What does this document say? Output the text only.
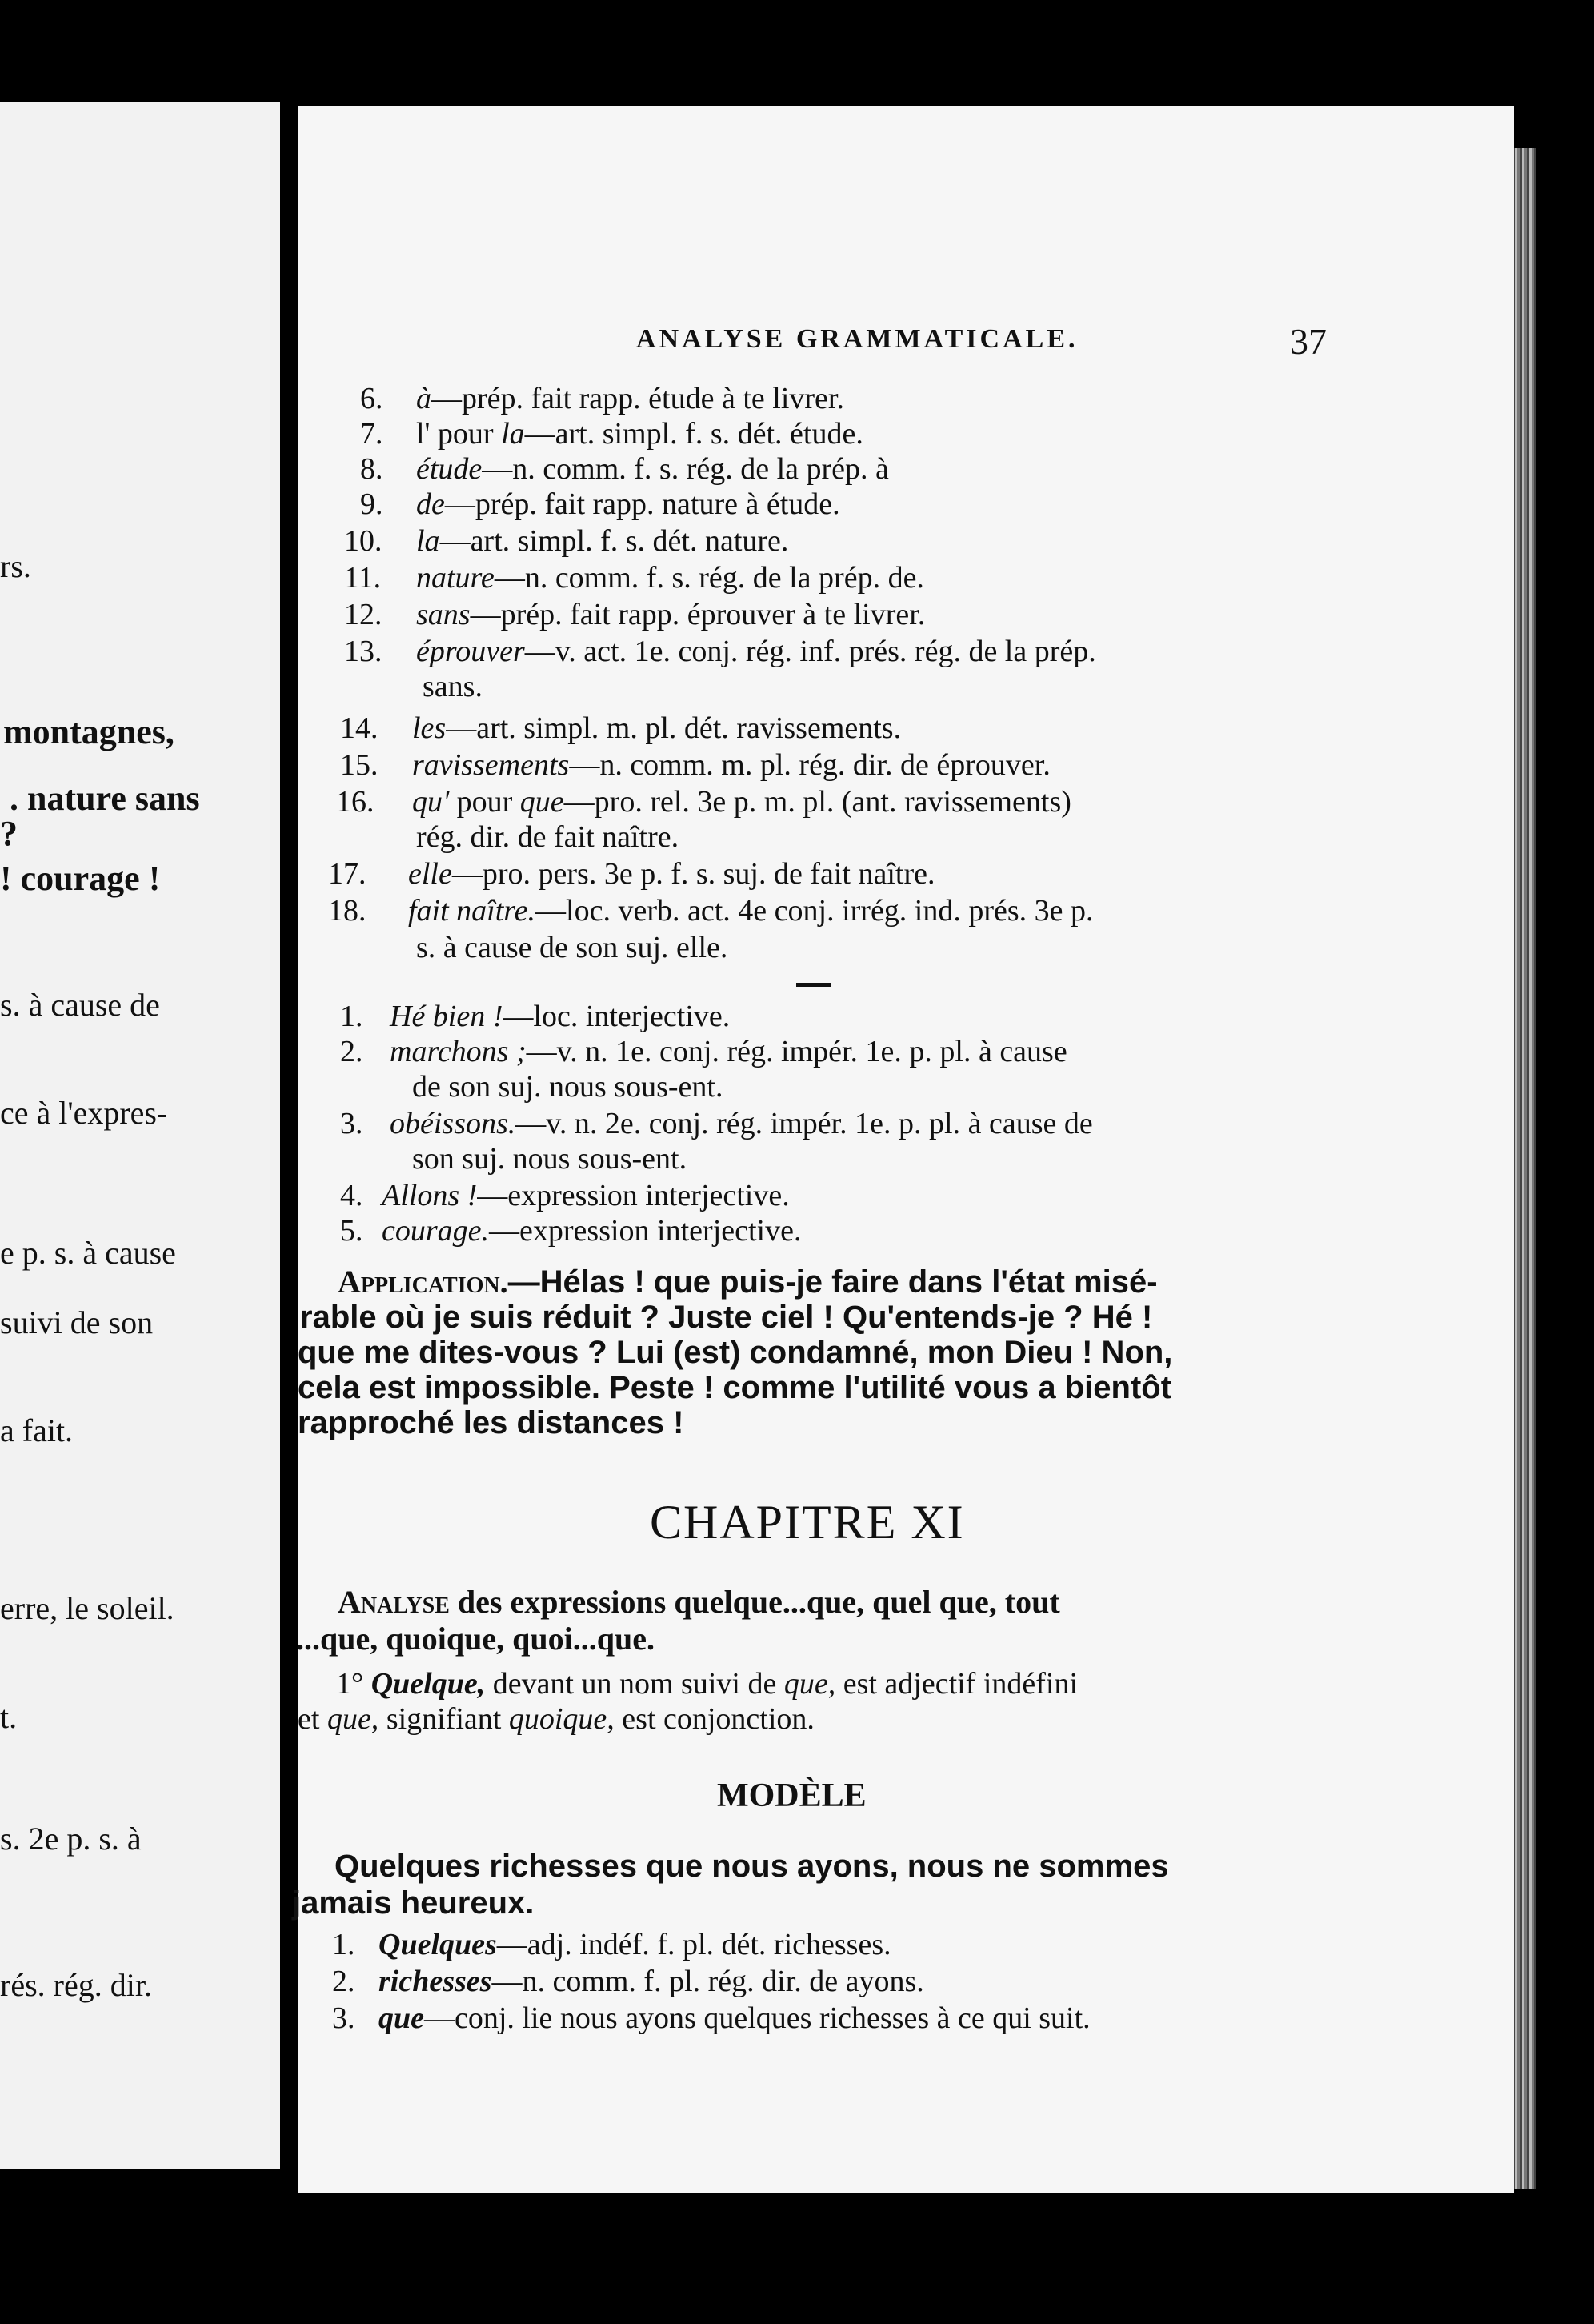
rs.
montagnes,
. nature sans
?
! courage !
s. à cause de
ce à l'expres-
e p. s. à cause
suivi de son
a fait.
erre, le soleil.
t.
s. 2e p. s. à
rés. rég. dir.
ANALYSE GRAMMATICALE.	37
6. à—prép. fait rapp. étude à te livrer.
7. l' pour la—art. simpl. f. s. dét. étude.
8. étude—n. comm. f. s. rég. de la prép. à
9. de—prép. fait rapp. nature à étude.
10. la—art. simpl. f. s. dét. nature.
11. nature—n. comm. f. s. rég. de la prép. de.
12. sans—prép. fait rapp. éprouver à te livrer.
13. éprouver—v. act. 1e. conj. rég. inf. prés. rég. de la prép.
sans.
14. les—art. simpl. m. pl. dét. ravissements.
15. ravissements—n. comm. m. pl. rég. dir. de éprouver.
16. qu' pour que—pro. rel. 3e p. m. pl. (ant. ravissements)
rég. dir. de fait naître.
17. elle—pro. pers. 3e p. f. s. suj. de fait naître.
18. fait naître.—loc. verb. act. 4e conj. irrég. ind. prés. 3e p.
s. à cause de son suj. elle.
1. Hé bien !—loc. interjective.
2. marchons ;—v. n. 1e. conj. rég. impér. 1e. p. pl. à cause
de son suj. nous sous-ent.
3. obéissons.—v. n. 2e. conj. rég. impér. 1e. p. pl. à cause de
son suj. nous sous-ent.
4. Allons !—expression interjective.
5. courage.—expression interjective.
Application.—Hélas ! que puis-je faire dans l'état misé-
rable où je suis réduit ? Juste ciel ! Qu'entends-je ? Hé !
que me dites-vous ? Lui (est) condamné, mon Dieu ! Non,
cela est impossible. Peste ! comme l'utilité vous a bientôt
rapproché les distances !
CHAPITRE XI
Analyse des expressions quelque...que, quel que, tout
...que, quoique, quoi...que.
1° Quelque, devant un nom suivi de que, est adjectif indéfini
et que, signifiant quoique, est conjonction.
MODÈLE
Quelques richesses que nous ayons, nous ne sommes
jamais heureux.
1. Quelques—adj. indéf. f. pl. dét. richesses.
2. richesses—n. comm. f. pl. rég. dir. de ayons.
3. que—conj. lie nous ayons quelques richesses à ce qui suit.
